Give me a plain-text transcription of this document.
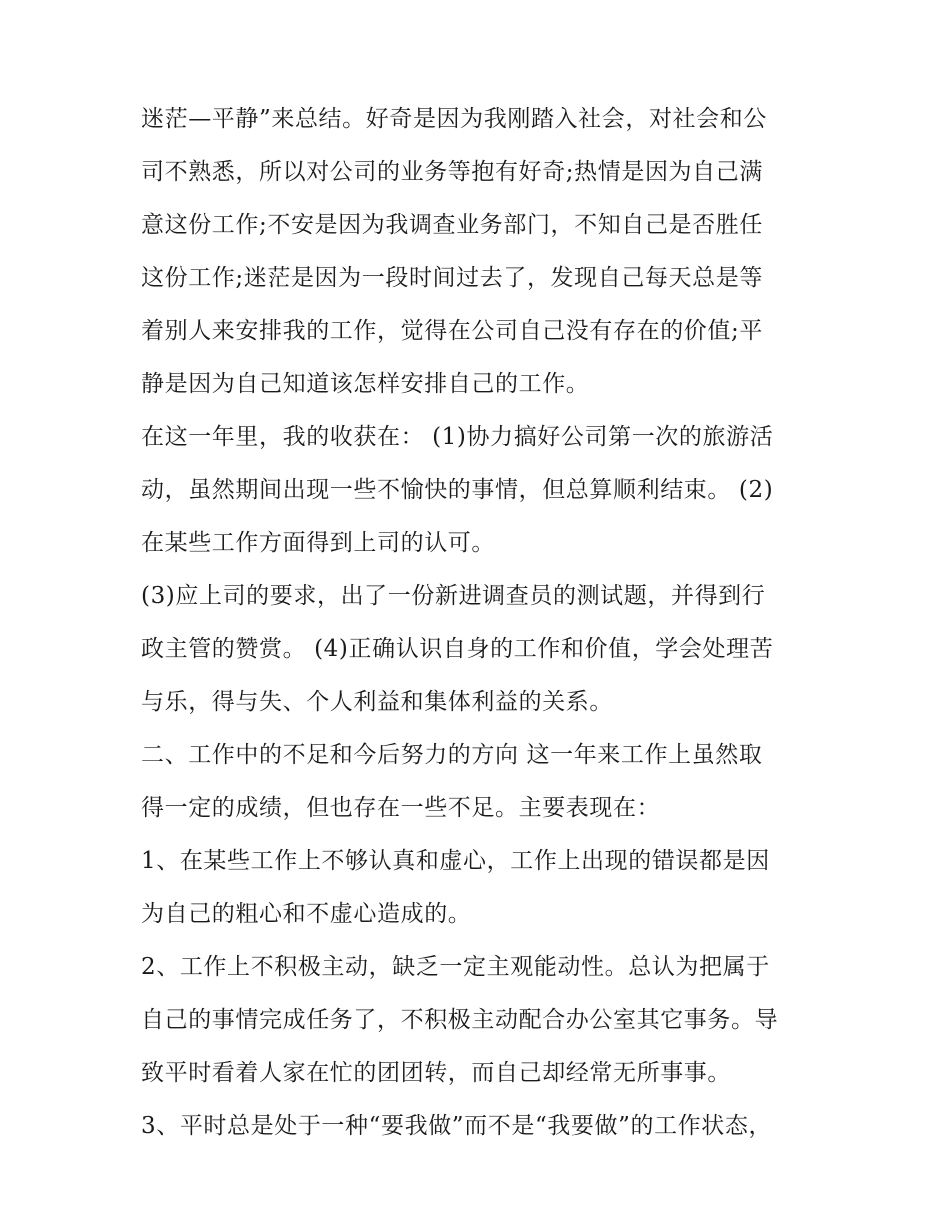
迷茫—平静”来总结。好奇是因为我刚踏入社会，对社会和公
司不熟悉，所以对公司的业务等抱有好奇;热情是因为自己满
意这份工作;不安是因为我调查业务部门，不知自己是否胜任
这份工作;迷茫是因为一段时间过去了，发现自己每天总是等
着别人来安排我的工作，觉得在公司自己没有存在的价值;平
静是因为自己知道该怎样安排自己的工作。
在这一年里，我的收获在： (1)协力搞好公司第一次的旅游活
动，虽然期间出现一些不愉快的事情，但总算顺利结束。 (2)
在某些工作方面得到上司的认可。
(3)应上司的要求，出了一份新进调查员的测试题，并得到行
政主管的赞赏。 (4)正确认识自身的工作和价值，学会处理苦
与乐，得与失、个人利益和集体利益的关系。
二、工作中的不足和今后努力的方向 这一年来工作上虽然取
得一定的成绩，但也存在一些不足。主要表现在：
1、在某些工作上不够认真和虚心，工作上出现的错误都是因
为自己的粗心和不虚心造成的。
2、工作上不积极主动，缺乏一定主观能动性。总认为把属于
自己的事情完成任务了，不积极主动配合办公室其它事务。导
致平时看着人家在忙的团团转，而自己却经常无所事事。
3、平时总是处于一种“要我做”而不是“我要做”的工作状态，
